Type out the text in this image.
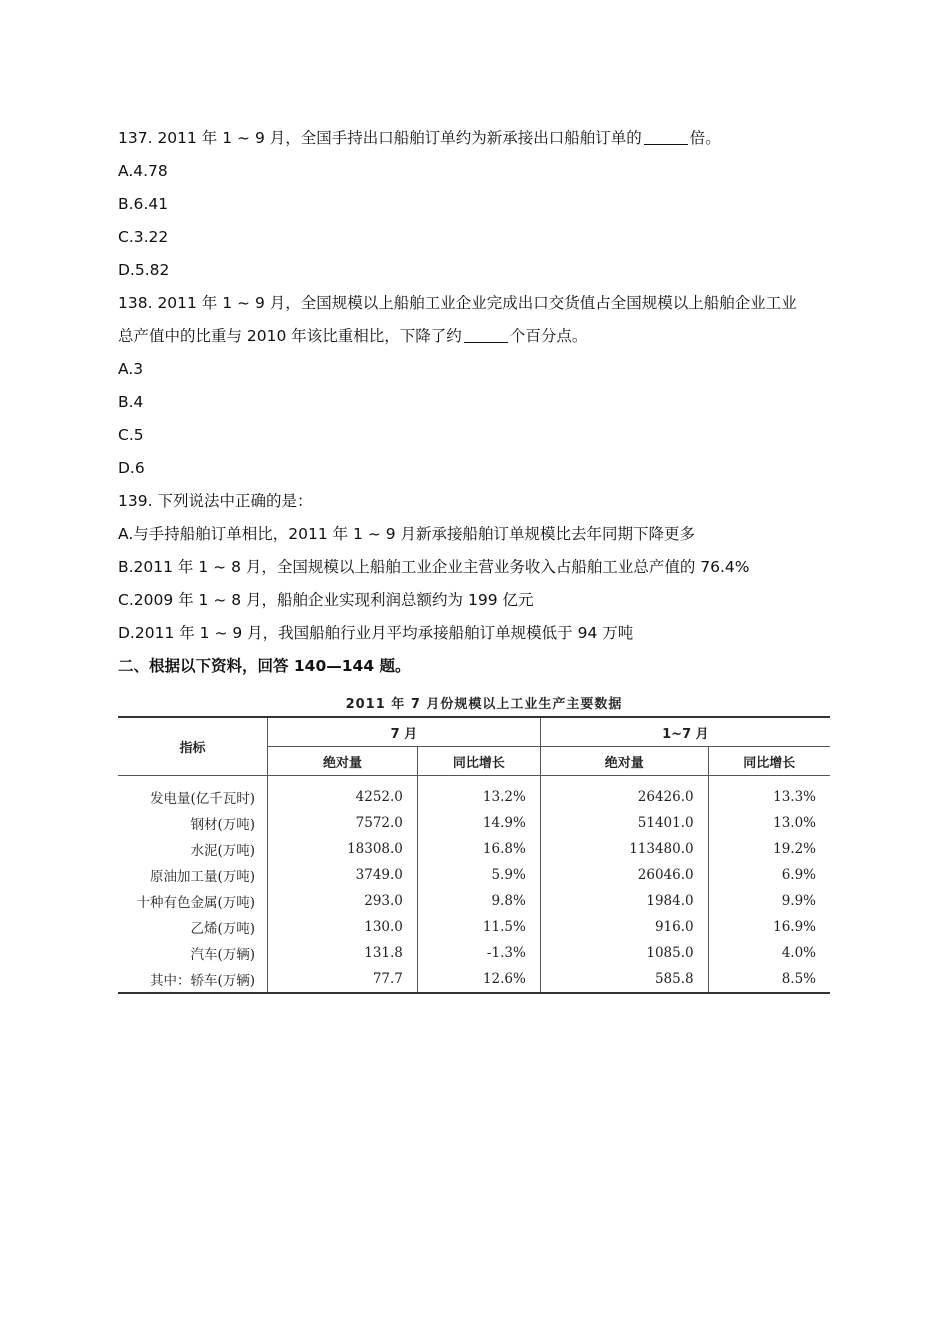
137. 2011 年 1 ~ 9 月，全国手持出口船舶订单约为新承接出口船舶订单的	倍。
A.4.78
B.6.41
C.3.22
D.5.82
138. 2011 年 1 ~ 9 月，全国规模以上船舶工业企业完成出口交货值占全国规模以上船舶企业工业
总产值中的比重与 2010 年该比重相比，下降了约	个百分点。
A.3
B.4
C.5
D.6
139. 下列说法中正确的是：
A.与手持船舶订单相比，2011 年 1 ~ 9 月新承接船舶订单规模比去年同期下降更多
B.2011 年 1 ~ 8 月，全国规模以上船舶工业企业主营业务收入占船舶工业总产值的 76.4%
C.2009 年 1 ~ 8 月，船舶企业实现利润总额约为 199 亿元
D.2011 年 1 ~ 9 月，我国船舶行业月平均承接船舶订单规模低于 94 万吨
二、根据以下资料，回答 140—144 题。
2011 年 7 月份规模以上工业生产主要数据
指标	7 月		1~7 月	
	绝对量	同比增长	绝对量	同比增长

发电量(亿千瓦时)	4252.0	13.2%	26426.0	13.3%
钢材(万吨)	7572.0	14.9%	51401.0	13.0%
水泥(万吨)	18308.0	16.8%	113480.0	19.2%
原油加工量(万吨)	3749.0	5.9%	26046.0	6.9%
十种有色金属(万吨)	293.0	9.8%	1984.0	9.9%
乙烯(万吨)	130.0	11.5%	916.0	16.9%
汽车(万辆)	131.8	-1.3%	1085.0	4.0%
其中：轿车(万辆)	77.7	12.6%	585.8	8.5%
